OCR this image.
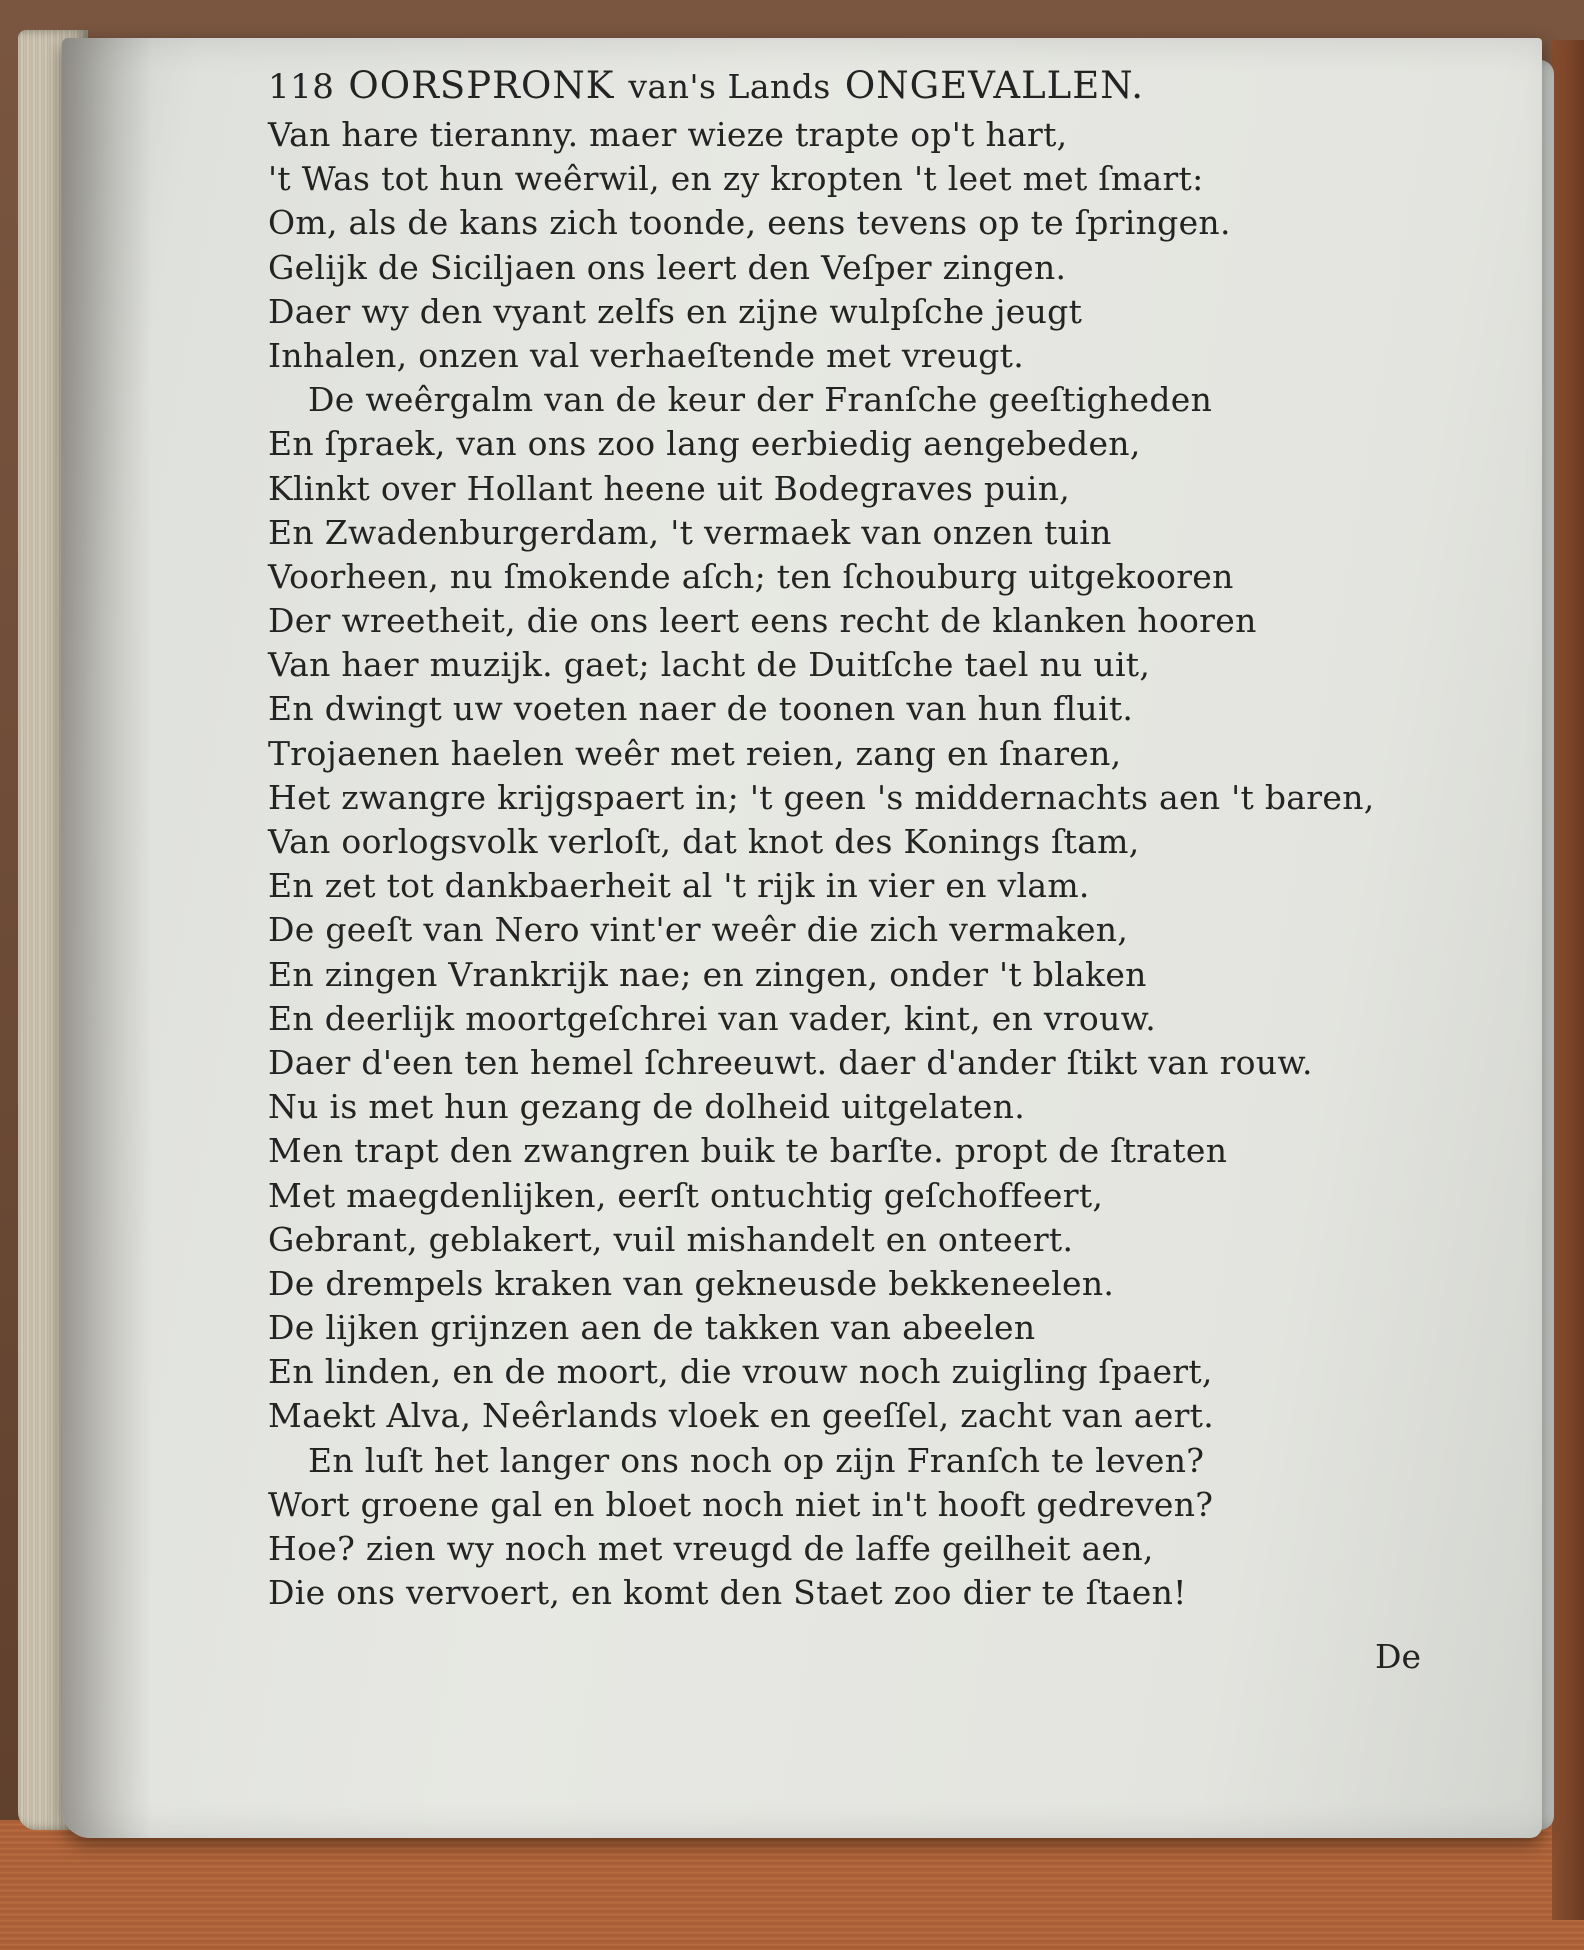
118 OORSPRONK van's Lands ONGEVALLEN.
Van hare tieranny. maer wieze trapte op't hart,
't Was tot hun weêrwil, en zy kropten 't leet met ſmart:
Om, als de kans zich toonde, eens tevens op te ſpringen.
Gelijk de Siciljaen ons leert den Veſper zingen.
Daer wy den vyant zelfs en zijne wulpſche jeugt
Inhalen, onzen val verhaeſtende met vreugt.
De weêrgalm van de keur der Franſche geeſtigheden
En ſpraek, van ons zoo lang eerbiedig aengebeden,
Klinkt over Hollant heene uit Bodegraves puin,
En Zwadenburgerdam, 't vermaek van onzen tuin
Voorheen, nu ſmokende aſch; ten ſchouburg uitgekooren
Der wreetheit, die ons leert eens recht de klanken hooren
Van haer muzijk. gaet; lacht de Duitſche tael nu uit,
En dwingt uw voeten naer de toonen van hun fluit.
Trojaenen haelen weêr met reien, zang en ſnaren,
Het zwangre krijgspaert in; 't geen 's middernachts aen 't baren,
Van oorlogsvolk verloſt, dat knot des Konings ſtam,
En zet tot dankbaerheit al 't rijk in vier en vlam.
De geeſt van Nero vint'er weêr die zich vermaken,
En zingen Vrankrijk nae; en zingen, onder 't blaken
En deerlijk moortgeſchrei van vader, kint, en vrouw.
Daer d'een ten hemel ſchreeuwt. daer d'ander ſtikt van rouw.
Nu is met hun gezang de dolheid uitgelaten.
Men trapt den zwangren buik te barſte. propt de ſtraten
Met maegdenlijken, eerſt ontuchtig geſchoffeert,
Gebrant, geblakert, vuil mishandelt en onteert.
De drempels kraken van gekneusde bekkeneelen.
De lijken grijnzen aen de takken van abeelen
En linden, en de moort, die vrouw noch zuigling ſpaert,
Maekt Alva, Neêrlands vloek en geeſſel, zacht van aert.
En luſt het langer ons noch op zijn Franſch te leven?
Wort groene gal en bloet noch niet in't hooft gedreven?
Hoe? zien wy noch met vreugd de laffe geilheit aen,
Die ons vervoert, en komt den Staet zoo dier te ſtaen!
De
